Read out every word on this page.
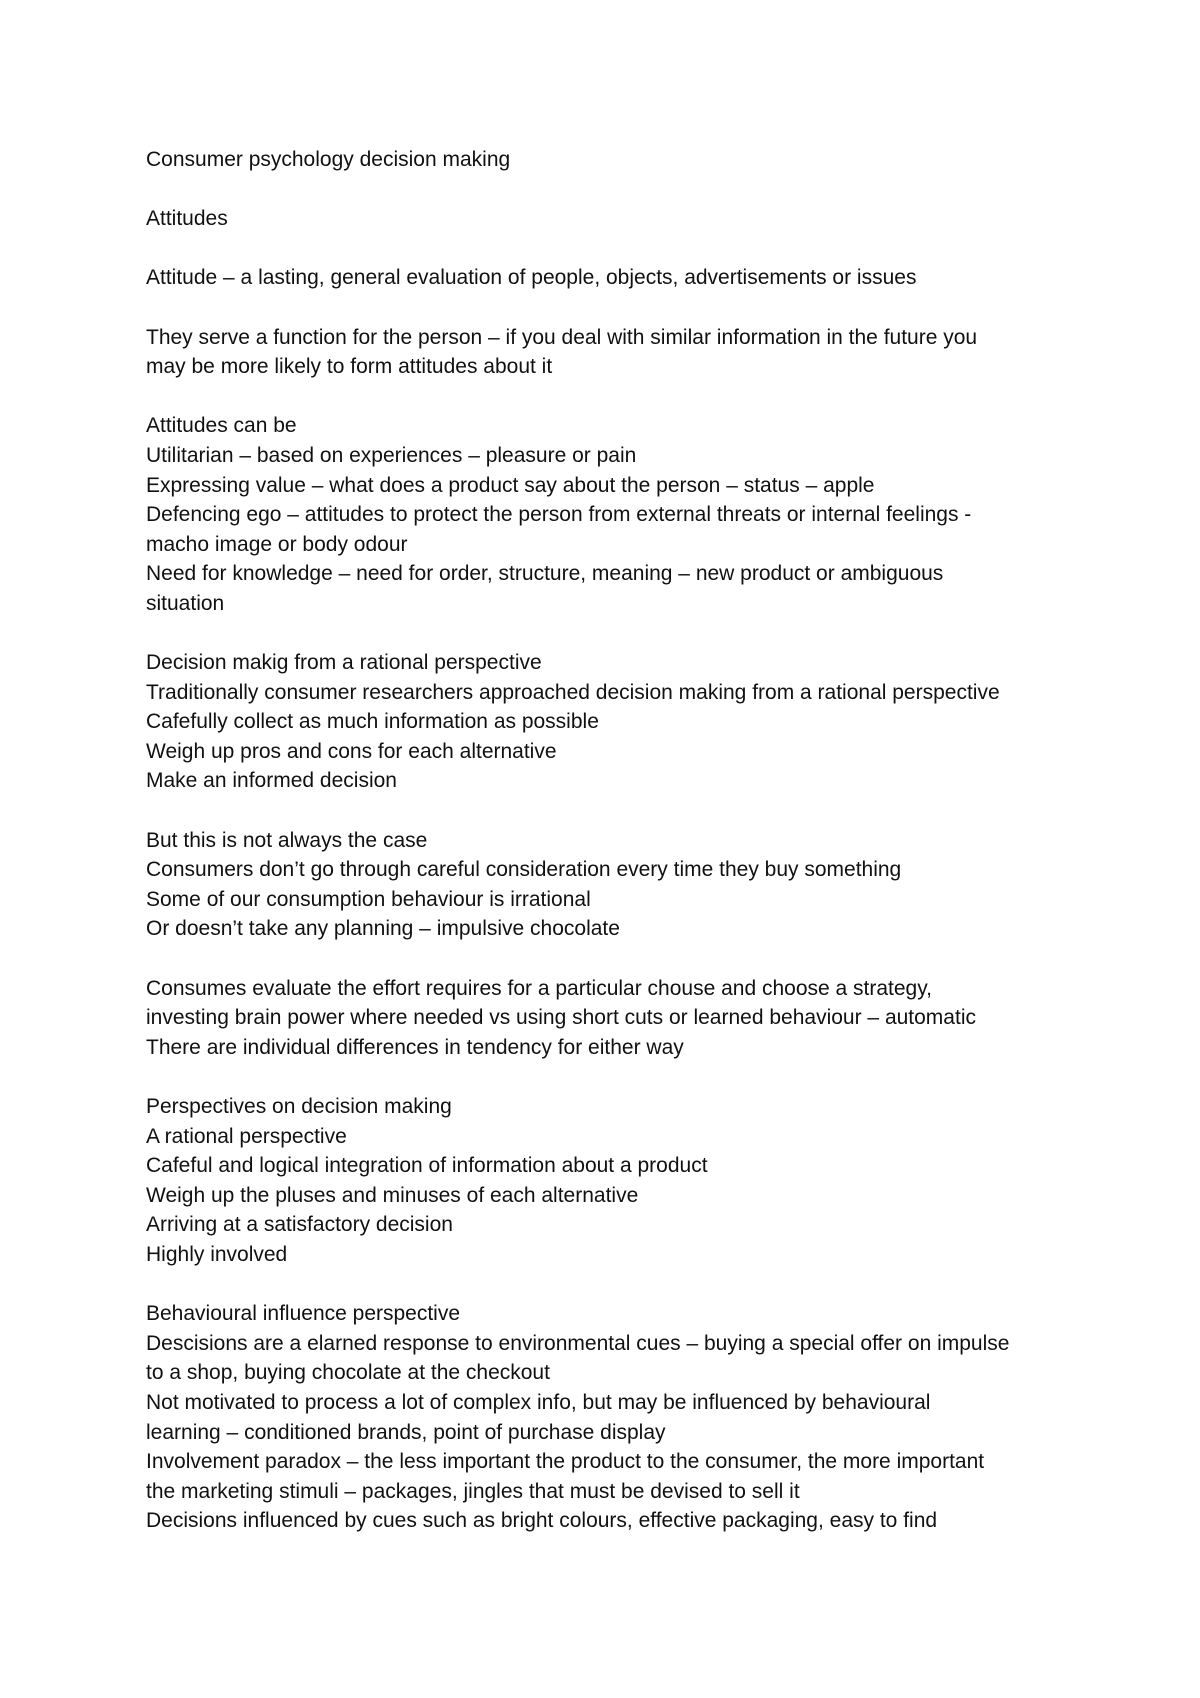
Consumer psychology decision making

Attitudes

Attitude – a lasting, general evaluation of people, objects, advertisements or issues

They serve a function for the person – if you deal with similar information in the future you

may be more likely to form attitudes about it

Attitudes can be

Utilitarian – based on experiences – pleasure or pain

Expressing value – what does a product say about the person – status – apple

Defencing ego – attitudes to protect the person from external threats or internal feelings -

macho image or body odour

Need for knowledge – need for order, structure, meaning – new product or ambiguous

situation

Decision makig from a rational perspective

Traditionally consumer researchers approached decision making from a rational perspective

Cafefully collect as much information as possible

Weigh up pros and cons for each alternative

Make an informed decision

But this is not always the case

Consumers don’t go through careful consideration every time they buy something

Some of our consumption behaviour is irrational

Or doesn’t take any planning – impulsive chocolate

Consumes evaluate the effort requires for a particular chouse and choose a strategy,

investing brain power where needed vs using short cuts or learned behaviour – automatic

There are individual differences in tendency for either way

Perspectives on decision making

A rational perspective

Cafeful and logical integration of information about a product

Weigh up the pluses and minuses of each alternative

Arriving at a satisfactory decision

Highly involved

Behavioural influence perspective

Descisions are a elarned response to environmental cues – buying a special offer on impulse

to a shop, buying chocolate at the checkout

Not motivated to process a lot of complex info, but may be influenced by behavioural

learning – conditioned brands, point of purchase display

Involvement paradox – the less important the product to the consumer, the more important

the marketing stimuli – packages, jingles that must be devised to sell it

Decisions influenced by cues such as bright colours, effective packaging, easy to find
